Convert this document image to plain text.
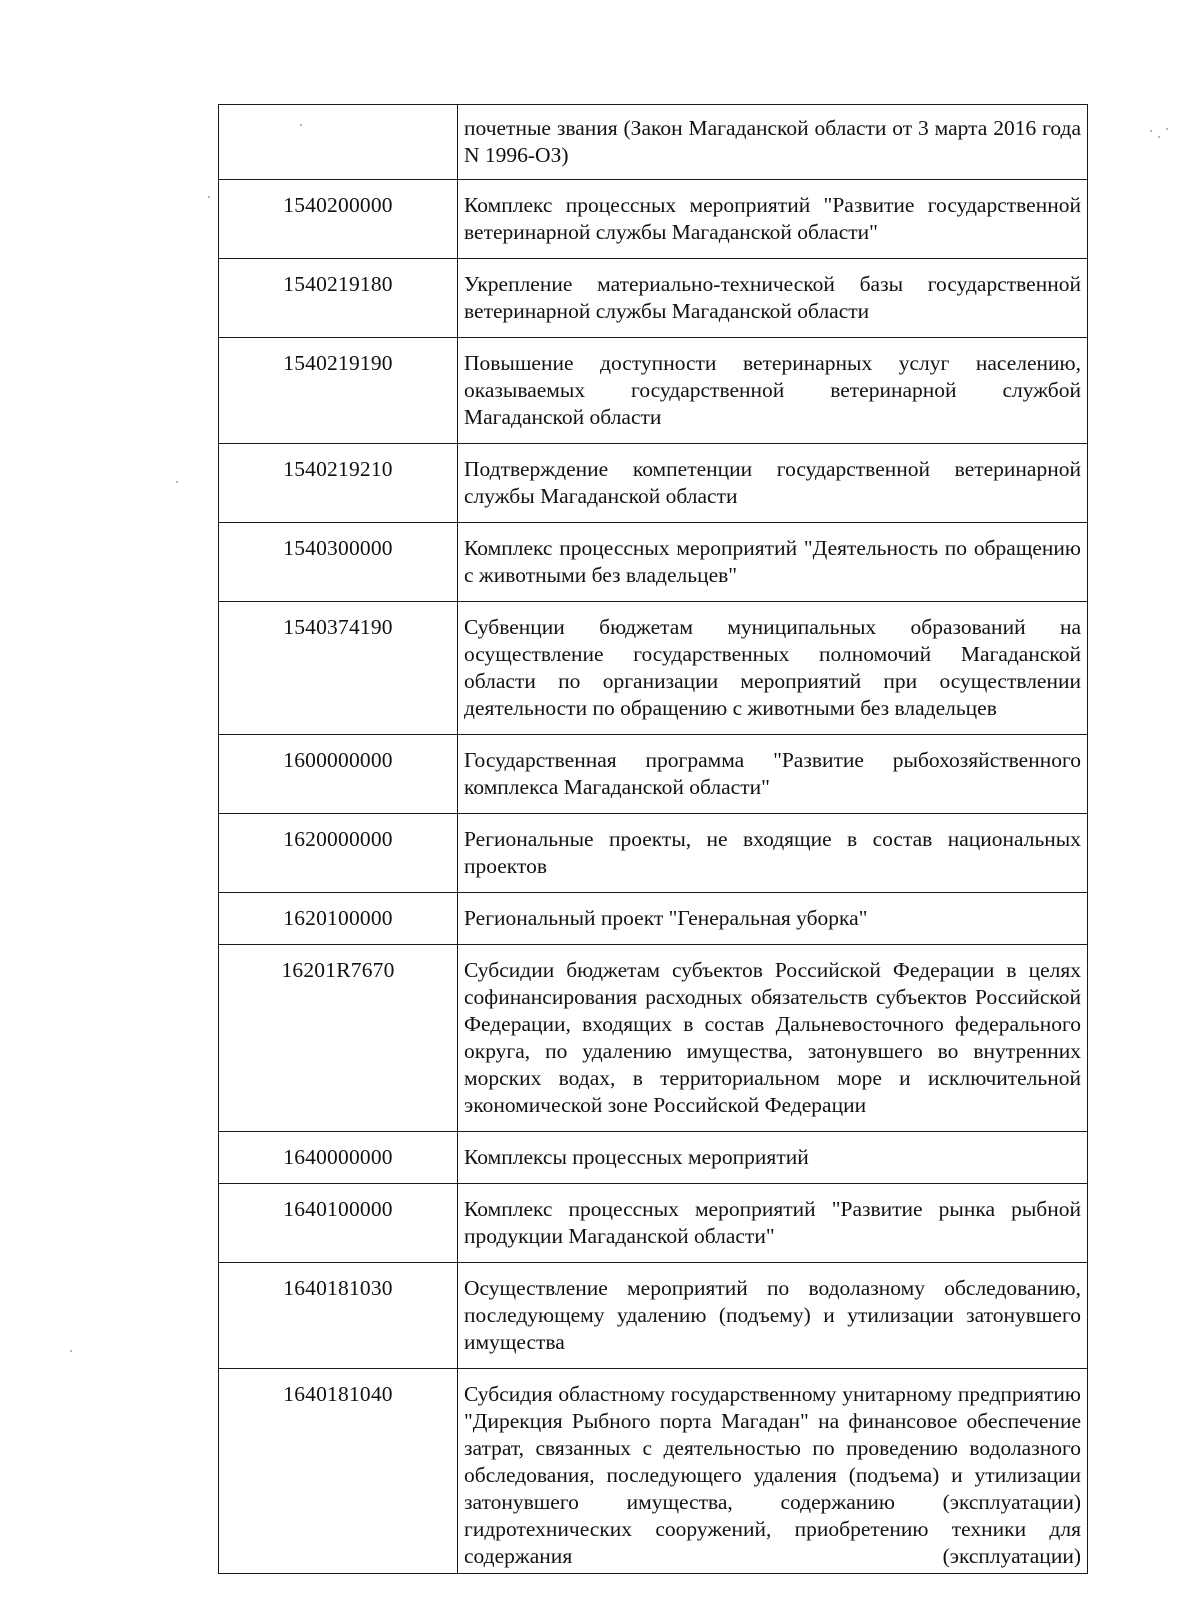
	почетные звания (Закон Магаданской области от 3 марта 2016 года N 1996-ОЗ)
1540200000	Комплекс процессных мероприятий "Развитие государственной ветеринарной службы Магаданской области"
1540219180	Укрепление материально-технической базы государственной ветеринарной службы Магаданской области
1540219190	Повышение доступности ветеринарных услуг населению, оказываемых государственной ветеринарной службой Магаданской области
1540219210	Подтверждение компетенции государственной ветеринарной службы Магаданской области
1540300000	Комплекс процессных мероприятий "Деятельность по обращению с животными без владельцев"
1540374190	Субвенции бюджетам муниципальных образований на осуществление государственных полномочий Магаданской области по организации мероприятий при осуществлении деятельности по обращению с животными без владельцев
1600000000	Государственная программа "Развитие рыбохозяйственного комплекса Магаданской области"
1620000000	Региональные проекты, не входящие в состав национальных проектов
1620100000	Региональный проект "Генеральная уборка"
16201R7670	Субсидии бюджетам субъектов Российской Федерации в целях софинансирования расходных обязательств субъектов Российской Федерации, входящих в состав Дальневосточного федерального округа, по удалению имущества, затонувшего во внутренних морских водах, в территориальном море и исключительной экономической зоне Российской Федерации
1640000000	Комплексы процессных мероприятий
1640100000	Комплекс процессных мероприятий "Развитие рынка рыбной продукции Магаданской области"
1640181030	Осуществление мероприятий по водолазному обследованию, последующему удалению (подъему) и утилизации затонувшего имущества
1640181040	Субсидия областному государственному унитарному предприятию "Дирекция Рыбного порта Магадан" на финансовое обеспечение затрат, связанных с деятельностью по проведению водолазного обследования, последующего удаления (подъема) и утилизации затонувшего имущества, содержанию (эксплуатации) гидротехнических сооружений, приобретению техники для содержания (эксплуатации)
